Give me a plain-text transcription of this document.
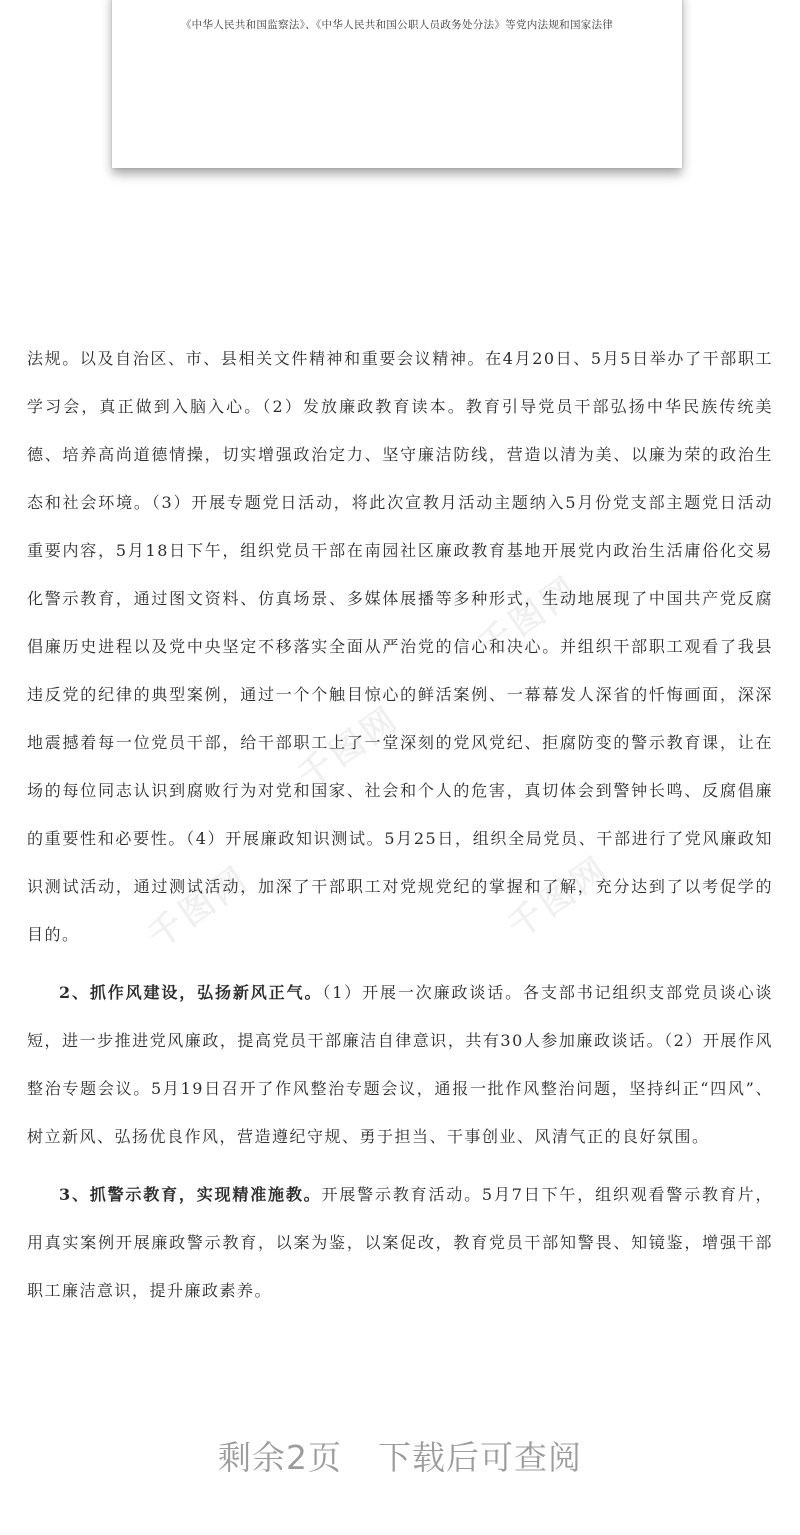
《中华人民共和国监察法》、《中华人民共和国公职人员政务处分法》等党内法规和国家法律
千图网
千图网
千图网	千图网

法规。以及自治区、市、县相关文件精神和重要会议精神。在4月20日、5月5日举办了干部职工学习会，真正做到入脑入心。（2）发放廉政教育读本。教育引导党员干部弘扬中华民族传统美德、培养高尚道德情操，切实增强政治定力、坚守廉洁防线，营造以清为美、以廉为荣的政治生态和社会环境。（3）开展专题党日活动，将此次宣教月活动主题纳入5月份党支部主题党日活动重要内容，5月18日下午，组织党员干部在南园社区廉政教育基地开展党内政治生活庸俗化交易化警示教育，通过图文资料、仿真场景、多媒体展播等多种形式，生动地展现了中国共产党反腐倡廉历史进程以及党中央坚定不移落实全面从严治党的信心和决心。并组织干部职工观看了我县违反党的纪律的典型案例，通过一个个触目惊心的鲜活案例、一幕幕发人深省的忏悔画面，深深地震撼着每一位党员干部，给干部职工上了一堂深刻的党风党纪、拒腐防变的警示教育课，让在场的每位同志认识到腐败行为对党和国家、社会和个人的危害，真切体会到警钟长鸣、反腐倡廉的重要性和必要性。（4）开展廉政知识测试。5月25日，组织全局党员、干部进行了党风廉政知识测试活动，通过测试活动，加深了干部职工对党规党纪的掌握和了解，充分达到了以考促学的目的。

2、抓作风建设，弘扬新风正气。（1）开展一次廉政谈话。各支部书记组织支部党员谈心谈短，进一步推进党风廉政，提高党员干部廉洁自律意识，共有30人参加廉政谈话。（2）开展作风整治专题会议。5月19日召开了作风整治专题会议，通报一批作风整治问题，坚持纠正“四风”、树立新风、弘扬优良作风，营造遵纪守规、勇于担当、干事创业、风清气正的良好氛围。

3、抓警示教育，实现精准施教。开展警示教育活动。5月7日下午，组织观看警示教育片，用真实案例开展廉政警示教育，以案为鉴，以案促改，教育党员干部知警畏、知镜鉴，增强干部职工廉洁意识，提升廉政素养。

剩余2页 下载后可查阅
